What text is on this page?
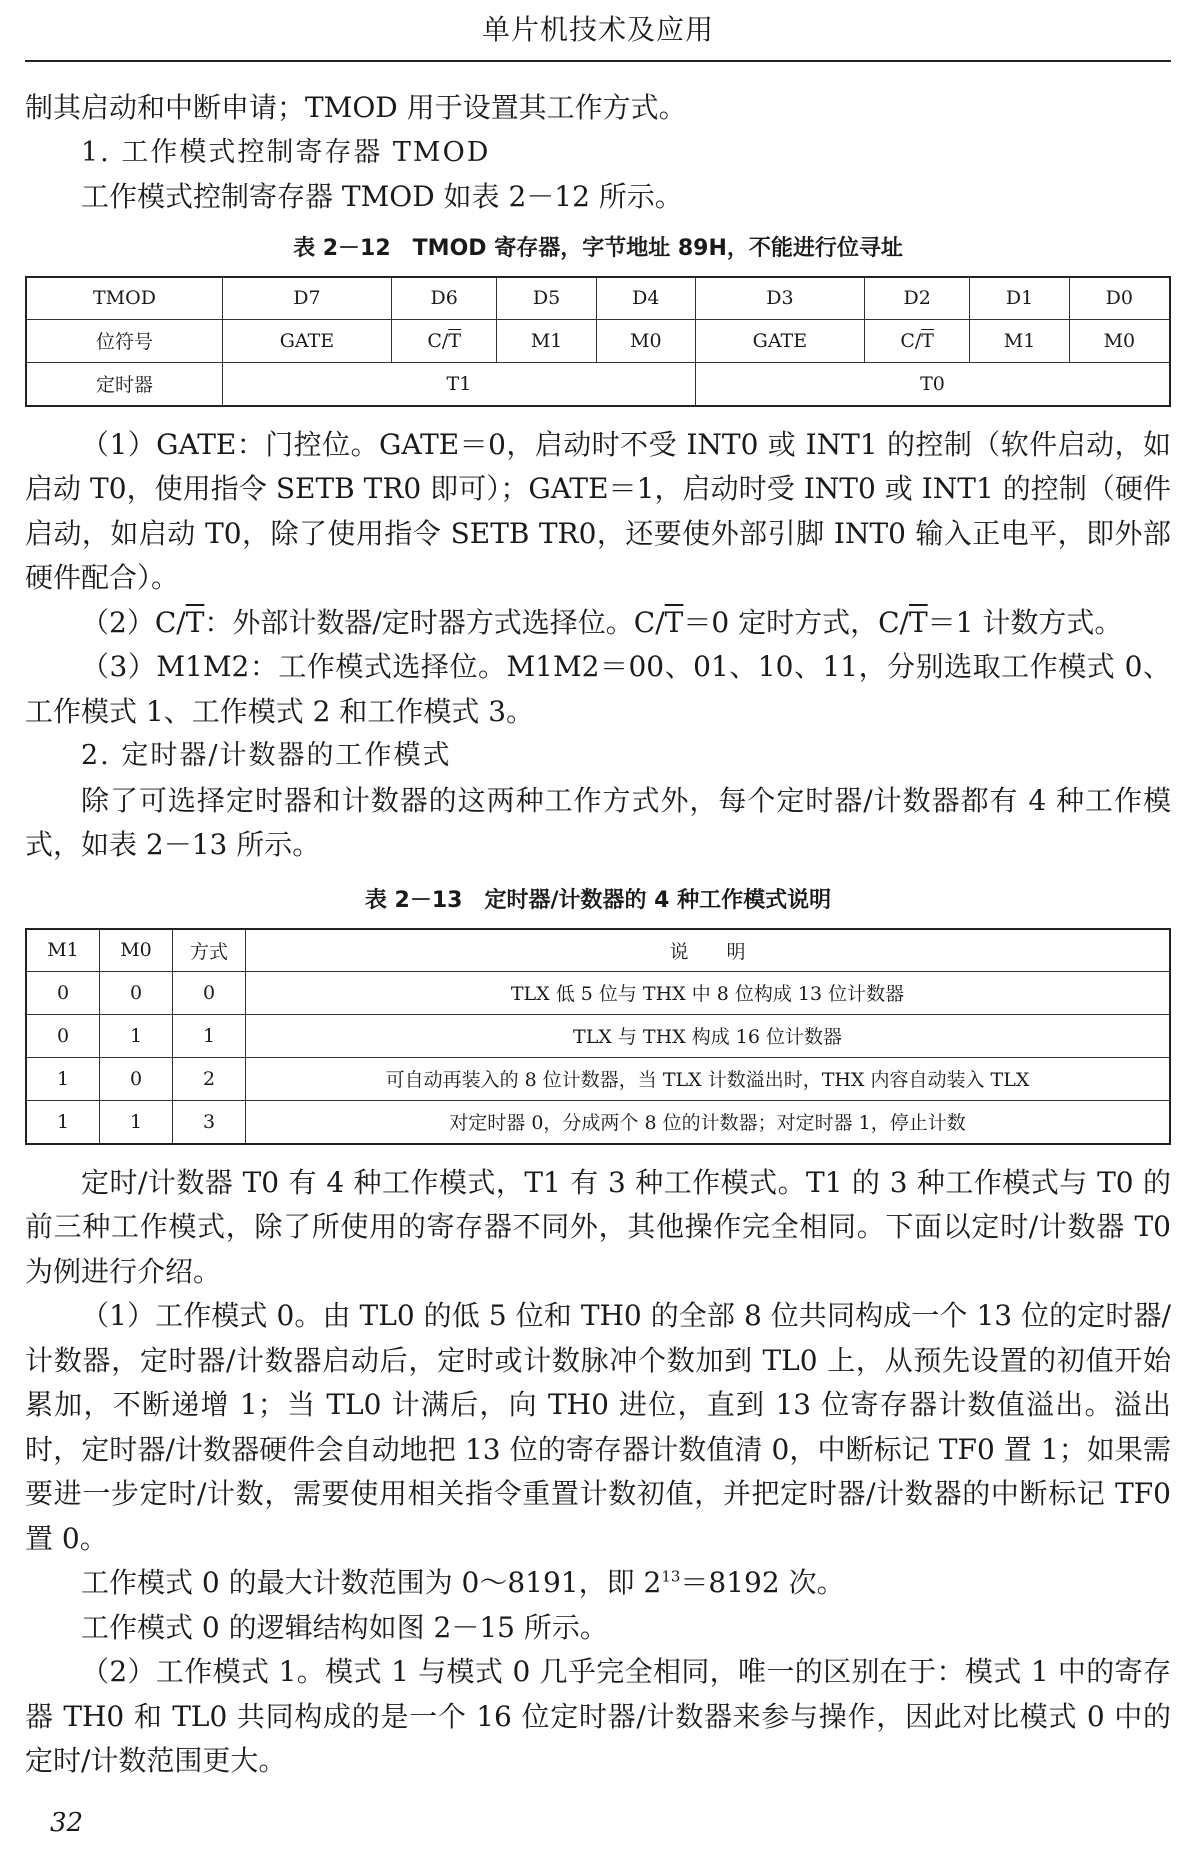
单片机技术及应用

制其启动和中断申请；TMOD 用于设置其工作方式。

1. 工作模式控制寄存器 TMOD

工作模式控制寄存器 TMOD 如表 2－12 所示。

表 2－12　TMOD 寄存器，字节地址 89H，不能进行位寻址
TMOD	D7	D6	D5	D4	D3	D2	D1	D0
位符号	GATE	$C/\overline{T}$	M1	M0	GATE	$C/\overline{T}$	M1	M0
定时器	T1				T0			

（1）GATE：门控位。GATE＝0，启动时不受 INT0 或 INT1 的控制（软件启动，如启动 T0，使用指令 SETB TR0 即可）；GATE＝1，启动时受 INT0 或 INT1 的控制（硬件启动，如启动 T0，除了使用指令 SETB TR0，还要使外部引脚 INT0 输入正电平，即外部硬件配合）。

$(2)C/\overline{T}$：外部计数器/定时器方式选择位。$C/\overline{T}=0$ 定时方式，$C/\overline{T}=1$ 计数方式。

（3）M1M2：工作模式选择位。M1M2＝00、01、10、11，分别选取工作模式 0、工作模式 1、工作模式 2 和工作模式 3。

2. 定时器/计数器的工作模式

除了可选择定时器和计数器的这两种工作方式外，每个定时器/计数器都有 4 种工作模式，如表 2－13 所示。

表 2－13　定时器/计数器的 4 种工作模式说明
M1	M0	方式	说　　明
0	0	0	TLX 低 5 位与 THX 中 8 位构成 13 位计数器
0	1	1	TLX 与 THX 构成 16 位计数器
1	0	2	可自动再装入的 8 位计数器，当 TLX 计数溢出时，THX 内容自动装入 TLX
1	1	3	对定时器 0，分成两个 8 位的计数器；对定时器 1，停止计数

定时/计数器 T0 有 4 种工作模式，T1 有 3 种工作模式。T1 的 3 种工作模式与 T0 的前三种工作模式，除了所使用的寄存器不同外，其他操作完全相同。下面以定时/计数器 T0 为例进行介绍。

（1）工作模式 0。由 TL0 的低 5 位和 TH0 的全部 8 位共同构成一个 13 位的定时器/计数器，定时器/计数器启动后，定时或计数脉冲个数加到 TL0 上，从预先设置的初值开始累加，不断递增 1；当 TL0 计满后，向 TH0 进位，直到 13 位寄存器计数值溢出。溢出时，定时器/计数器硬件会自动地把 13 位的寄存器计数值清 0，中断标记 TF0 置 1；如果需要进一步定时/计数，需要使用相关指令重置计数初值，并把定时器/计数器的中断标记 TF0 置 0。

工作模式 0 的最大计数范围为 0～8191，即 $2^{13}=8192$ 次。

工作模式 0 的逻辑结构如图 2－15 所示。

（2）工作模式 1。模式 1 与模式 0 几乎完全相同，唯一的区别在于：模式 1 中的寄存器 TH0 和 TL0 共同构成的是一个 16 位定时器/计数器来参与操作，因此对比模式 0 中的定时/计数范围更大。

32
